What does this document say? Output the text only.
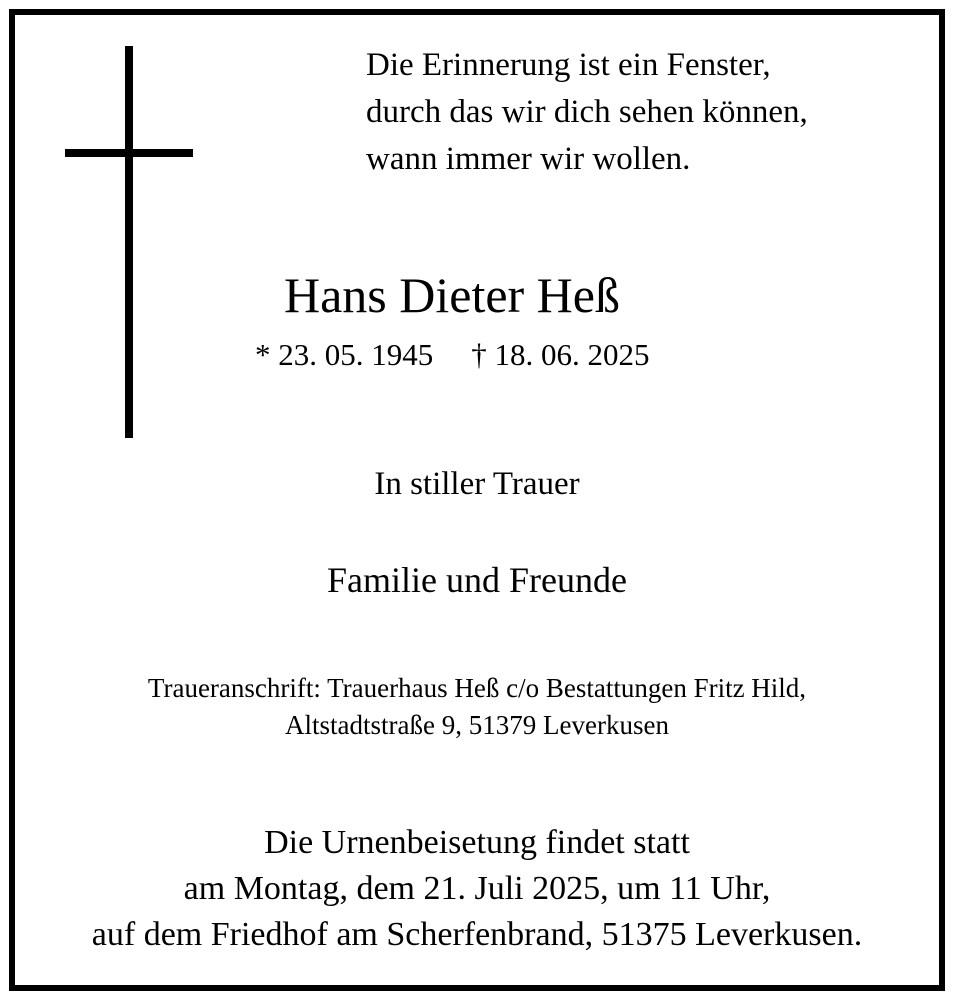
Die Erinnerung ist ein Fenster,
durch das wir dich sehen können,
wann immer wir wollen.
Hans Dieter Heß
* 23. 05. 1945 † 18. 06. 2025
In stiller Trauer
Familie und Freunde
Traueranschrift: Trauerhaus Heß c/o Bestattungen Fritz Hild,
Altstadtstraße 9, 51379 Leverkusen
Die Urnenbeisetung findet statt
am Montag, dem 21. Juli 2025, um 11 Uhr,
auf dem Friedhof am Scherfenbrand, 51375 Leverkusen.
